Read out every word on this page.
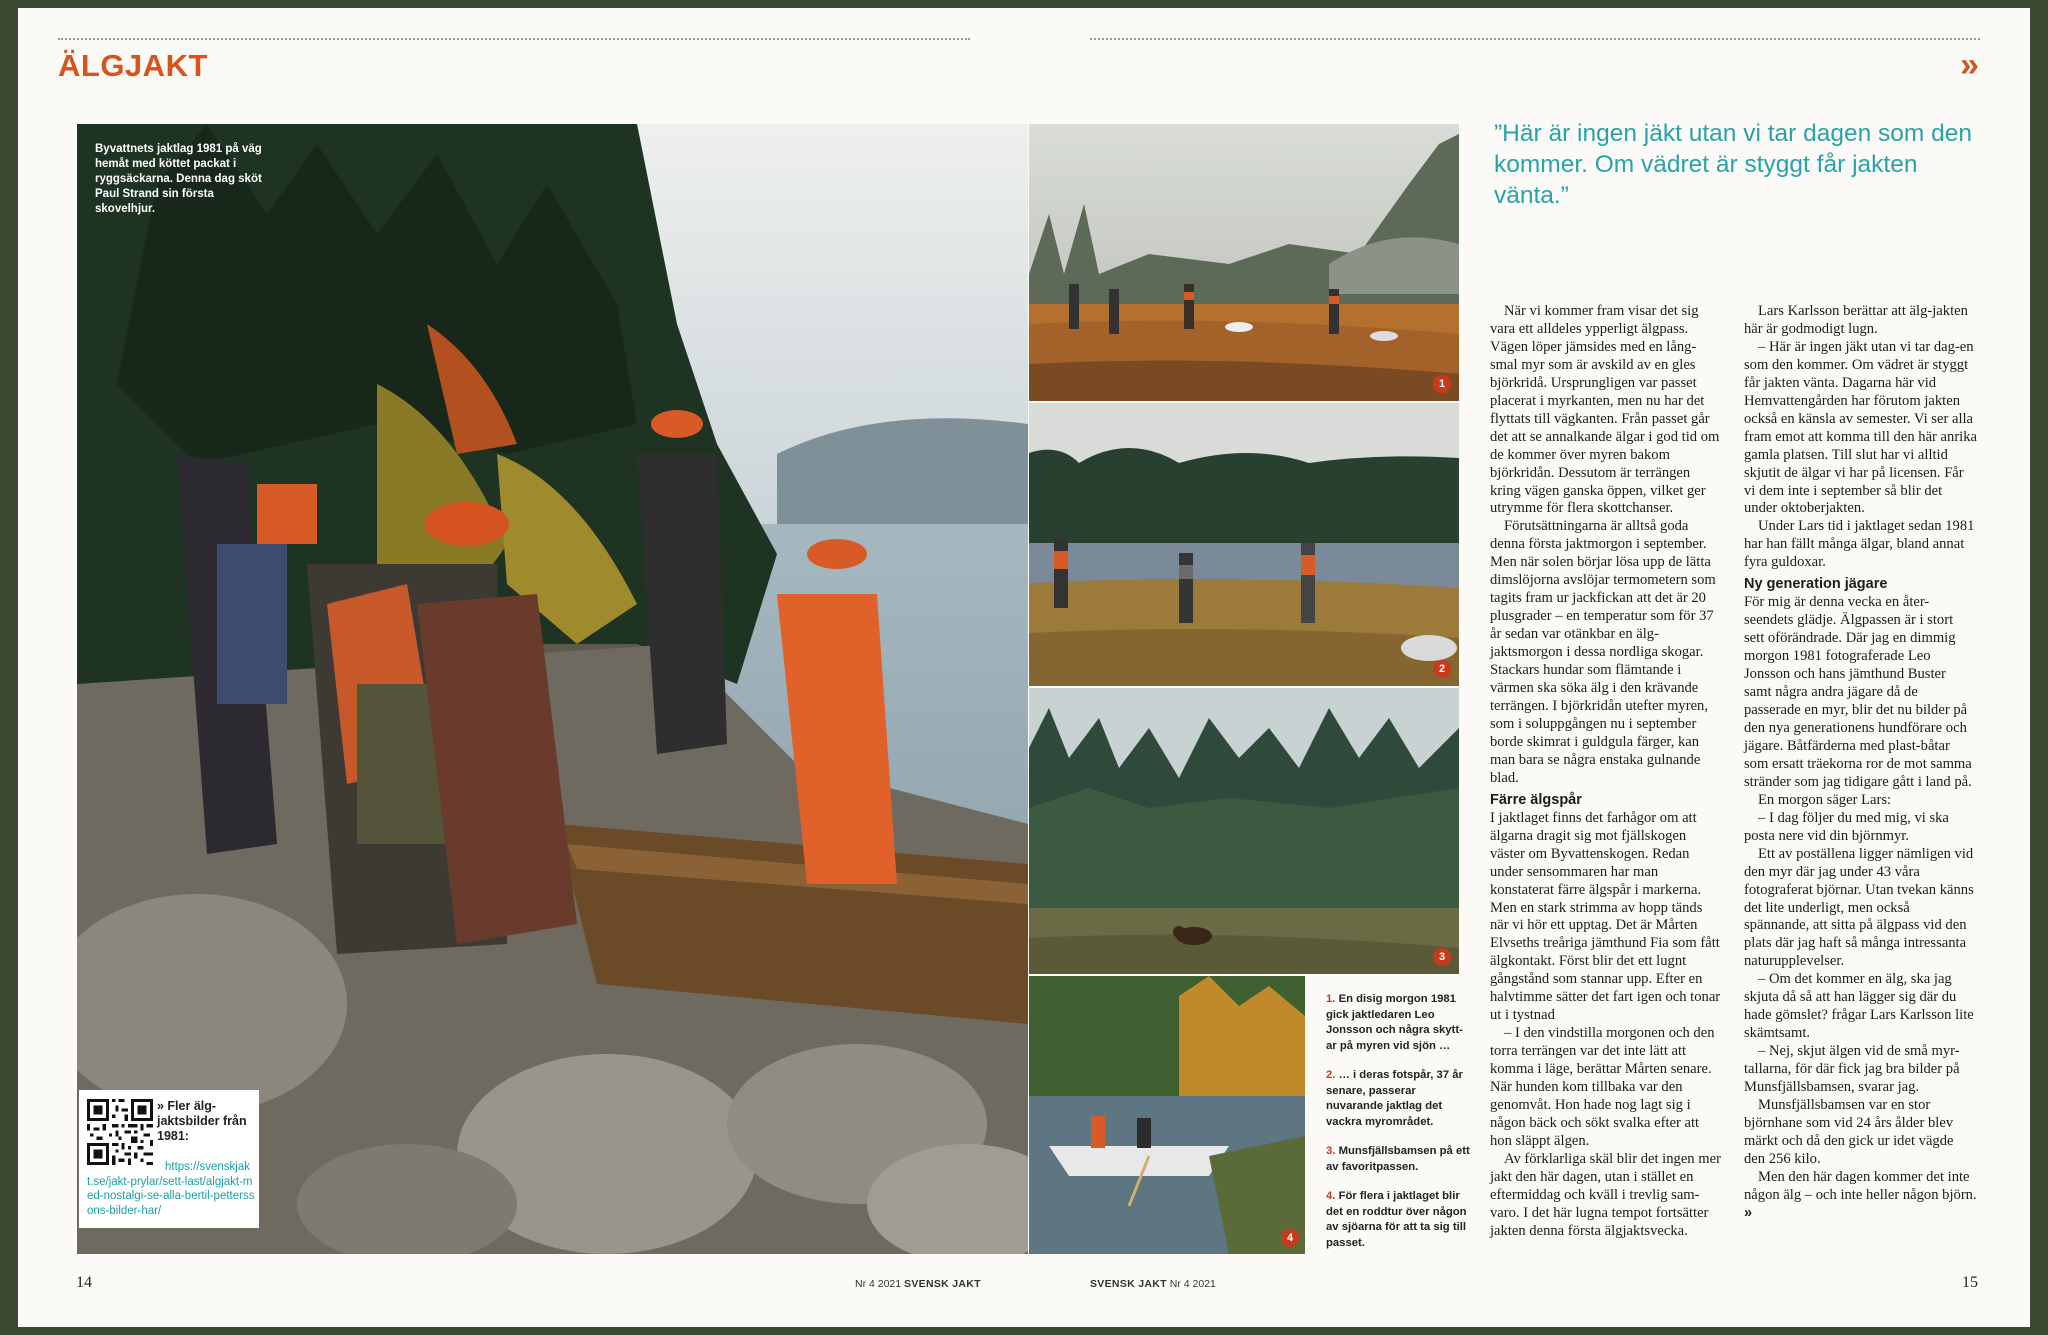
ÄLGJAKT	»
Byvattnets jaktlag 1981 på väg hemåt med köttet packat i ryggsäckarna. Denna dag sköt Paul Strand sin första skovelhjur.
» Fler älg-jaktsbilder från 1981:
https://svenskjakt.se/jakt-prylar/sett-last/algjakt-med-nostalgi-se-alla-bertil-petterssons-bilder-har/
1
2
3
4

1. En disig morgon 1981 gick jaktledaren Leo Jonsson och några skytt-ar på myren vid sjön …

2. … i deras fotspår, 37 år senare, passerar nuvarande jaktlag det vackra myrområdet.

3. Munsfjällsbamsen på ett av favoritpassen.

4. För flera i jaktlaget blir det en roddtur över någon av sjöarna för att ta sig till passet.

”Här är ingen jäkt utan vi tar dagen som den kommer. Om vädret är styggt får jakten vänta.”

När vi kommer fram visar det sig vara ett alldeles ypperligt älgpass. Vägen löper jämsides med en lång-smal myr som är avskild av en gles björkridå. Ursprungligen var passet placerat i myrkanten, men nu har det flyttats till vägkanten. Från passet går det att se annalkande älgar i god tid om de kommer över myren bakom björkridån. Dessutom är terrängen kring vägen ganska öppen, vilket ger utrymme för flera skottchanser.

Förutsättningarna är alltså goda denna första jaktmorgon i september. Men när solen börjar lösa upp de lätta dimslöjorna avslöjar termometern som tagits fram ur jackfickan att det är 20 plusgrader – en temperatur som för 37 år sedan var otänkbar en älg-jaktsmorgon i dessa nordliga skogar. Stackars hundar som flämtande i värmen ska söka älg i den krävande terrängen. I björkridån utefter myren, som i soluppgången nu i september borde skimrat i guldgula färger, kan man bara se några enstaka gulnande blad.

Färre älgspår

I jaktlaget finns det farhågor om att älgarna dragit sig mot fjällskogen väster om Byvattenskogen. Redan under sensommaren har man konstaterat färre älgspår i markerna. Men en stark strimma av hopp tänds när vi hör ett upptag. Det är Mårten Elvseths treåriga jämthund Fia som fått älgkontakt. Först blir det ett lugnt gångstånd som stannar upp. Efter en halvtimme sätter det fart igen och tonar ut i tystnad

– I den vindstilla morgonen och den torra terrängen var det inte lätt att komma i läge, berättar Mårten senare. När hunden kom tillbaka var den genomvåt. Hon hade nog lagt sig i någon bäck och sökt svalka efter att hon släppt älgen.

Av förklarliga skäl blir det ingen mer jakt den här dagen, utan i stället en eftermiddag och kväll i trevlig sam-varo. I det här lugna tempot fortsätter jakten denna första älgjaktsvecka.

Lars Karlsson berättar att älg-jakten här är godmodigt lugn.

– Här är ingen jäkt utan vi tar dag-en som den kommer. Om vädret är styggt får jakten vänta. Dagarna här vid Hemvattengården har förutom jakten också en känsla av semester. Vi ser alla fram emot att komma till den här anrika gamla platsen. Till slut har vi alltid skjutit de älgar vi har på licensen. Får vi dem inte i september så blir det under oktoberjakten.

Under Lars tid i jaktlaget sedan 1981 har han fällt många älgar, bland annat fyra guldoxar.

Ny generation jägare

För mig är denna vecka en åter-seendets glädje. Älgpassen är i stort sett oförändrade. Där jag en dimmig morgon 1981 fotograferade Leo Jonsson och hans jämthund Buster samt några andra jägare då de passerade en myr, blir det nu bilder på den nya generationens hundförare och jägare. Båtfärderna med plast-båtar som ersatt träekorna ror de mot samma stränder som jag tidigare gått i land på.

En morgon säger Lars:

– I dag följer du med mig, vi ska posta nere vid din björnmyr.

Ett av poställena ligger nämligen vid den myr där jag under 43 våra fotograferat björnar. Utan tvekan känns det lite underligt, men också spännande, att sitta på älgpass vid den plats där jag haft så många intressanta naturupplevelser.

– Om det kommer en älg, ska jag skjuta då så att han lägger sig där du hade gömslet? frågar Lars Karlsson lite skämtsamt.

– Nej, skjut älgen vid de små myr-tallarna, för där fick jag bra bilder på Munsfjällsbamsen, svarar jag.

Munsfjällsbamsen var en stor björnhane som vid 24 års ålder blev märkt och då den gick ur idet vägde den 256 kilo.

Men den här dagen kommer det inte någon älg – och inte heller någon björn. »

14	Nr 4 2021 SVENSK JAKT	SVENSK JAKT Nr 4 2021	15
